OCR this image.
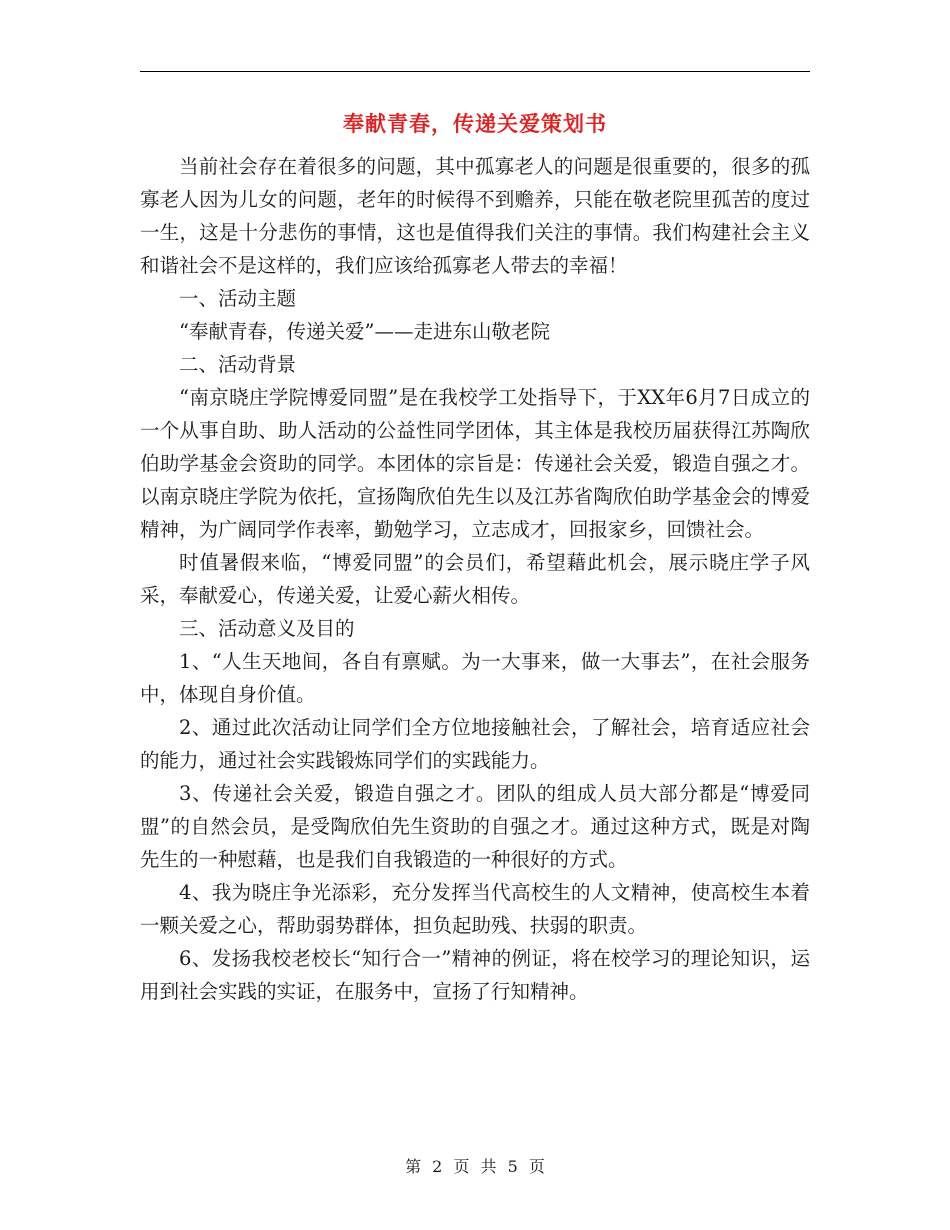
奉献青春，传递关爱策划书

当前社会存在着很多的问题，其中孤寡老人的问题是很重要的，很多的孤寡老人因为儿女的问题，老年的时候得不到赡养，只能在敬老院里孤苦的度过一生，这是十分悲伤的事情，这也是值得我们关注的事情。我们构建社会主义和谐社会不是这样的，我们应该给孤寡老人带去的幸福！

一、活动主题

“奉献青春，传递关爱”——走进东山敬老院

二、活动背景

“南京晓庄学院博爱同盟”是在我校学工处指导下，于XX年6月7日成立的一个从事自助、助人活动的公益性同学团体，其主体是我校历届获得江苏陶欣伯助学基金会资助的同学。本团体的宗旨是：传递社会关爱，锻造自强之才。以南京晓庄学院为依托，宣扬陶欣伯先生以及江苏省陶欣伯助学基金会的博爱精神，为广阔同学作表率，勤勉学习，立志成才，回报家乡，回馈社会。

时值暑假来临，“博爱同盟”的会员们，希望藉此机会，展示晓庄学子风采，奉献爱心，传递关爱，让爱心薪火相传。

三、活动意义及目的

1、“人生天地间，各自有禀赋。为一大事来，做一大事去”，在社会服务中，体现自身价值。

2、通过此次活动让同学们全方位地接触社会，了解社会，培育适应社会的能力，通过社会实践锻炼同学们的实践能力。

3、传递社会关爱，锻造自强之才。团队的组成人员大部分都是“博爱同盟”的自然会员，是受陶欣伯先生资助的自强之才。通过这种方式，既是对陶先生的一种慰藉，也是我们自我锻造的一种很好的方式。

4、我为晓庄争光添彩，充分发挥当代高校生的人文精神，使高校生本着一颗关爱之心，帮助弱势群体，担负起助残、扶弱的职责。

6、发扬我校老校长“知行合一”精神的例证，将在校学习的理论知识，运用到社会实践的实证，在服务中，宣扬了行知精神。

第 2 页 共 5 页
